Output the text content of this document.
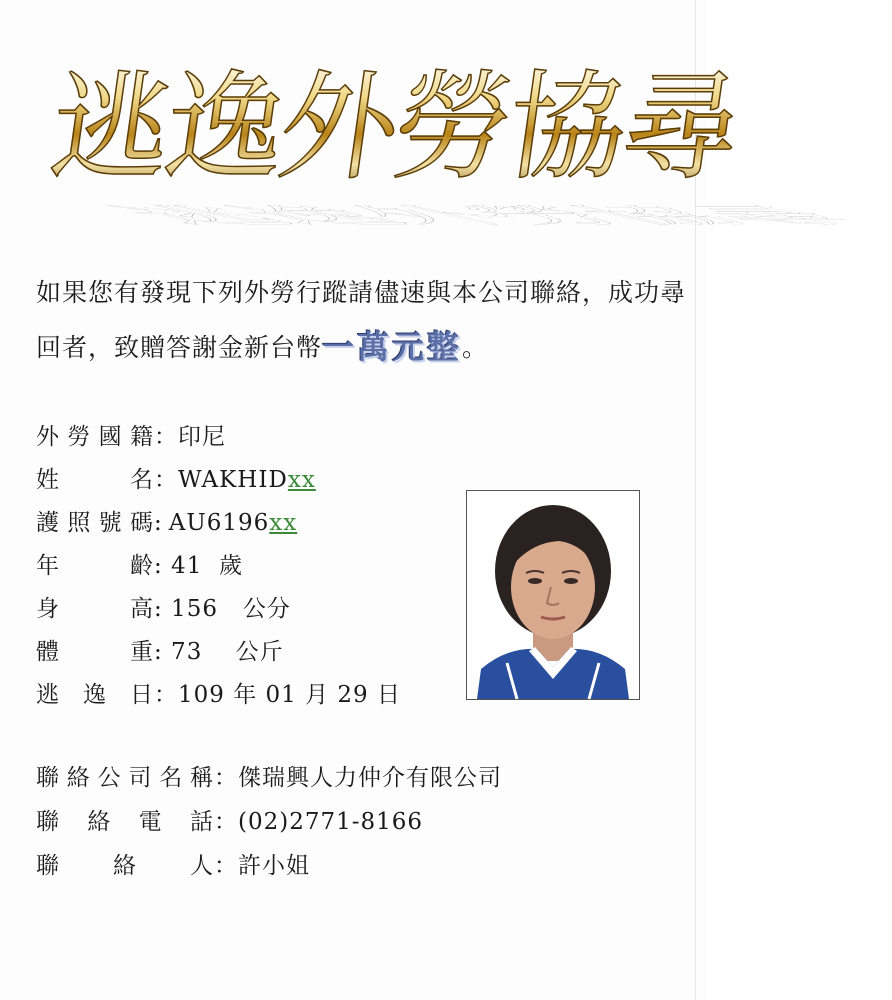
逃逸外勞協尋
逃逸外勞協尋
如果您有發現下列外勞行蹤請儘速與本公司聯絡，成功尋回者，致贈答謝金新台幣一萬元整。
外勞國籍：印尼
姓名：WAKHIDxx
護照號碼: AU6196xx
年齡: 41  歲
身高: 156   公分
體重: 73    公斤
逃逸日：109 年 01 月 29 日
聯絡公司名稱：傑瑞興人力仲介有限公司
聯絡電話：(02)2771-8166
聯絡人：許小姐
